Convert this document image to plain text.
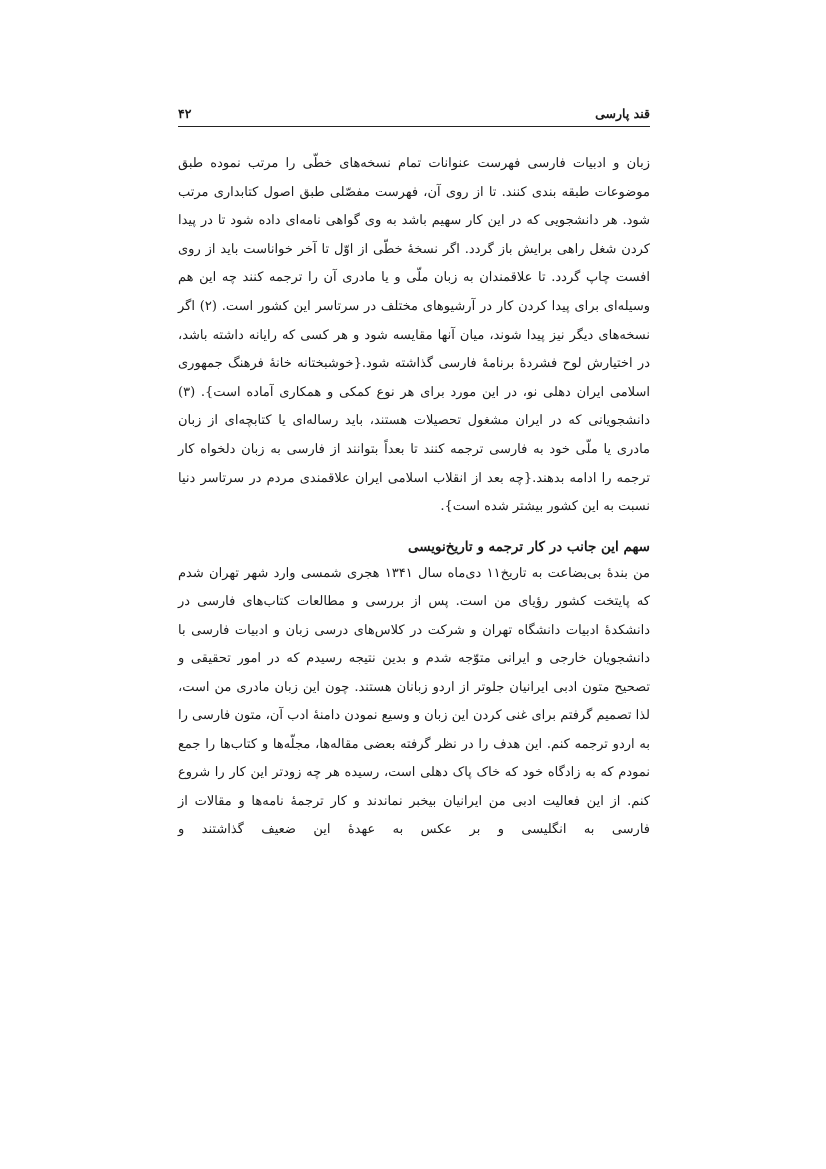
قند پارسی
۴۲

زبان و ادبیات فارسی فهرست عنوانات تمام نسخه‌های خطّی را مرتب نموده طبق موضوعات طبقه بندی کنند. تا از روی آن، فهرست مفصّلی طبق اصول کتابداری مرتب شود. هر دانشجویی که در این کار سهیم باشد به وی گواهی نامه‌ای داده شود تا در پیدا کردن شغل راهی برایش باز گردد. اگر نسخهٔ خطّی از اوّل تا آخر خواناست باید از روی افست چاپ گردد. تا علاقمندان به زبان ملّی و یا مادری آن را ترجمه کنند چه این هم وسیله‌ای برای پیدا کردن کار در آرشیوهای مختلف در سرتاسر این کشور است. (۲) اگر نسخه‌های دیگر نیز پیدا شوند، میان آنها مقایسه شود و هر کسی که رایانه داشته باشد، در اختیارش لوح فشردهٔ برنامهٔ فارسی گذاشته شود.{خوشبختانه خانهٔ فرهنگ جمهوری اسلامی ایران دهلی نو، در این مورد برای هر نوع کمکی و همکاری آماده است}. (۳) دانشجویانی که در ایران مشغول تحصیلات هستند، باید رساله‌ای یا کتابچه‌ای از زبان مادری یا ملّی خود به فارسی ترجمه کنند تا بعداً بتوانند از فارسی به زبان دلخواه کار ترجمه را ادامه بدهند.{چه بعد از انقلاب اسلامی ایران علاقمندی مردم در سرتاسر دنیا نسبت به این کشور بیشتر شده است}.

سهم این جانب در کار ترجمه و تاریخ‌نویسی

من بندهٔ بی‌بضاعت به تاریخ۱۱ دی‌ماه سال ۱۳۴۱ هجری شمسی وارد شهر تهران شدم که پایتخت کشور رؤیای من است. پس از بررسی و مطالعات کتاب‌های فارسی در دانشکدهٔ ادبیات دانشگاه تهران و شرکت در کلاس‌های درسی زبان و ادبیات فارسی با دانشجویان خارجی و ایرانی متوّجه شدم و بدین نتیجه رسیدم که در امور تحقیقی و تصحیح متون ادبی ایرانیان جلوتر از اردو زبانان هستند. چون این زبان مادری من است، لذا تصمیم گرفتم برای غنی کردن این زبان و وسیع نمودن دامنهٔ ادب آن، متون فارسی را به اردو ترجمه کنم. این هدف را در نظر گرفته بعضی مقاله‌ها، مجلّه‌ها و کتاب‌ها را جمع نمودم که به زادگاه خود که خاک پاک دهلی است، رسیده هر چه زودتر این کار را شروع کنم. از این فعالیت ادبی من ایرانیان بیخبر نماندند و کار ترجمهٔ نامه‌ها و مقالات از فارسی به انگلیسی و بر عکس به عهدهٔ این ضعیف گذاشتند و
